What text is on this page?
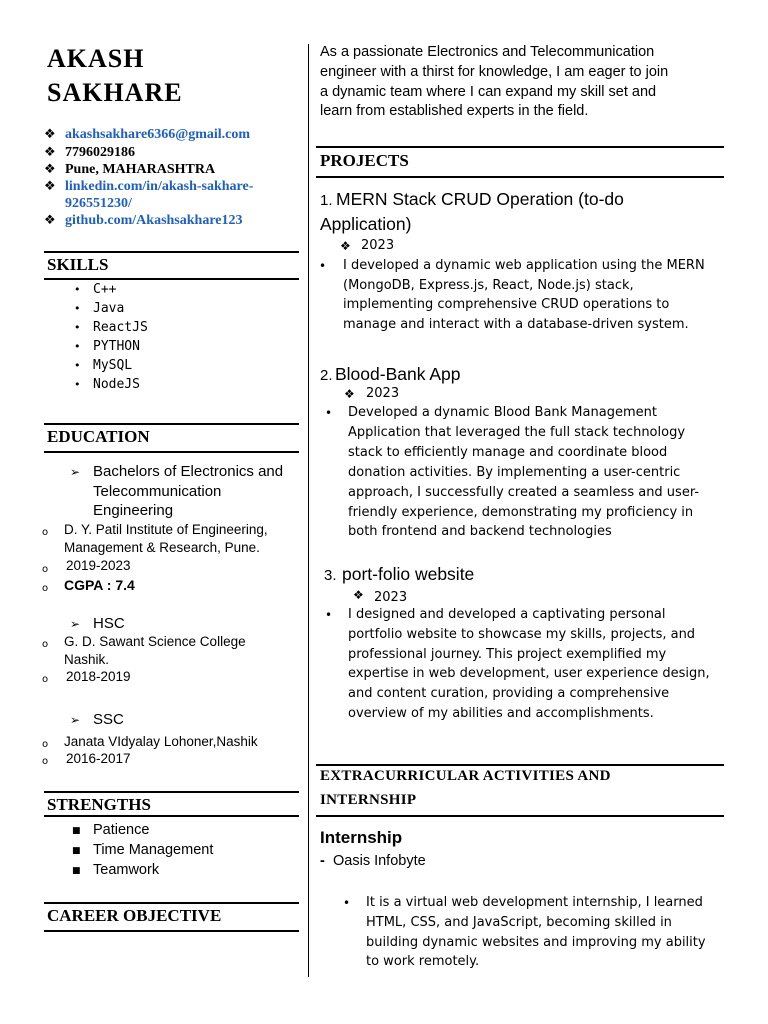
AKASH
SAKHARE
❖ akashsakhare6366@gmail.com
❖ 7796029186
❖ Pune, MAHARASHTRA
❖ linkedin.com/in/akash-sakhare-
926551230/
❖ github.com/Akashsakhare123
SKILLS
• C++
• Java
• ReactJS
• PYTHON
• MySQL
• NodeJS
EDUCATION
➢ Bachelors of Electronics and
Telecommunication
Engineering
o D. Y. Patil Institute of Engineering,
Management & Research, Pune.
o 2019-2023
o CGPA : 7.4
➢ HSC
o G. D. Sawant Science College
Nashik.
o 2018-2019
➢ SSC
o Janata VIdyalay Lohoner,Nashik
o 2016-2017
STRENGTHS
■ Patience
■ Time Management
■ Teamwork
CAREER OBJECTIVE
As a passionate Electronics and Telecommunication
engineer with a thirst for knowledge, I am eager to join
a dynamic team where I can expand my skill set and
learn from established experts in the field.
PROJECTS
1. MERN Stack CRUD Operation (to-do
Application)
❖ 2023
• I developed a dynamic web application using the MERN
(MongoDB, Express.js, React, Node.js) stack,
implementing comprehensive CRUD operations to
manage and interact with a database-driven system.
2. Blood-Bank App
❖ 2023
• Developed a dynamic Blood Bank Management
Application that leveraged the full stack technology
stack to efficiently manage and coordinate blood
donation activities. By implementing a user-centric
approach, I successfully created a seamless and user-
friendly experience, demonstrating my proficiency in
both frontend and backend technologies
3. port-folio website
❖ 2023
• I designed and developed a captivating personal
portfolio website to showcase my skills, projects, and
professional journey. This project exemplified my
expertise in web development, user experience design,
and content curation, providing a comprehensive
overview of my abilities and accomplishments.
EXTRACURRICULAR ACTIVITIES AND
INTERNSHIP
Internship
- Oasis Infobyte
• It is a virtual web development internship, I learned
HTML, CSS, and JavaScript, becoming skilled in
building dynamic websites and improving my ability
to work remotely.
